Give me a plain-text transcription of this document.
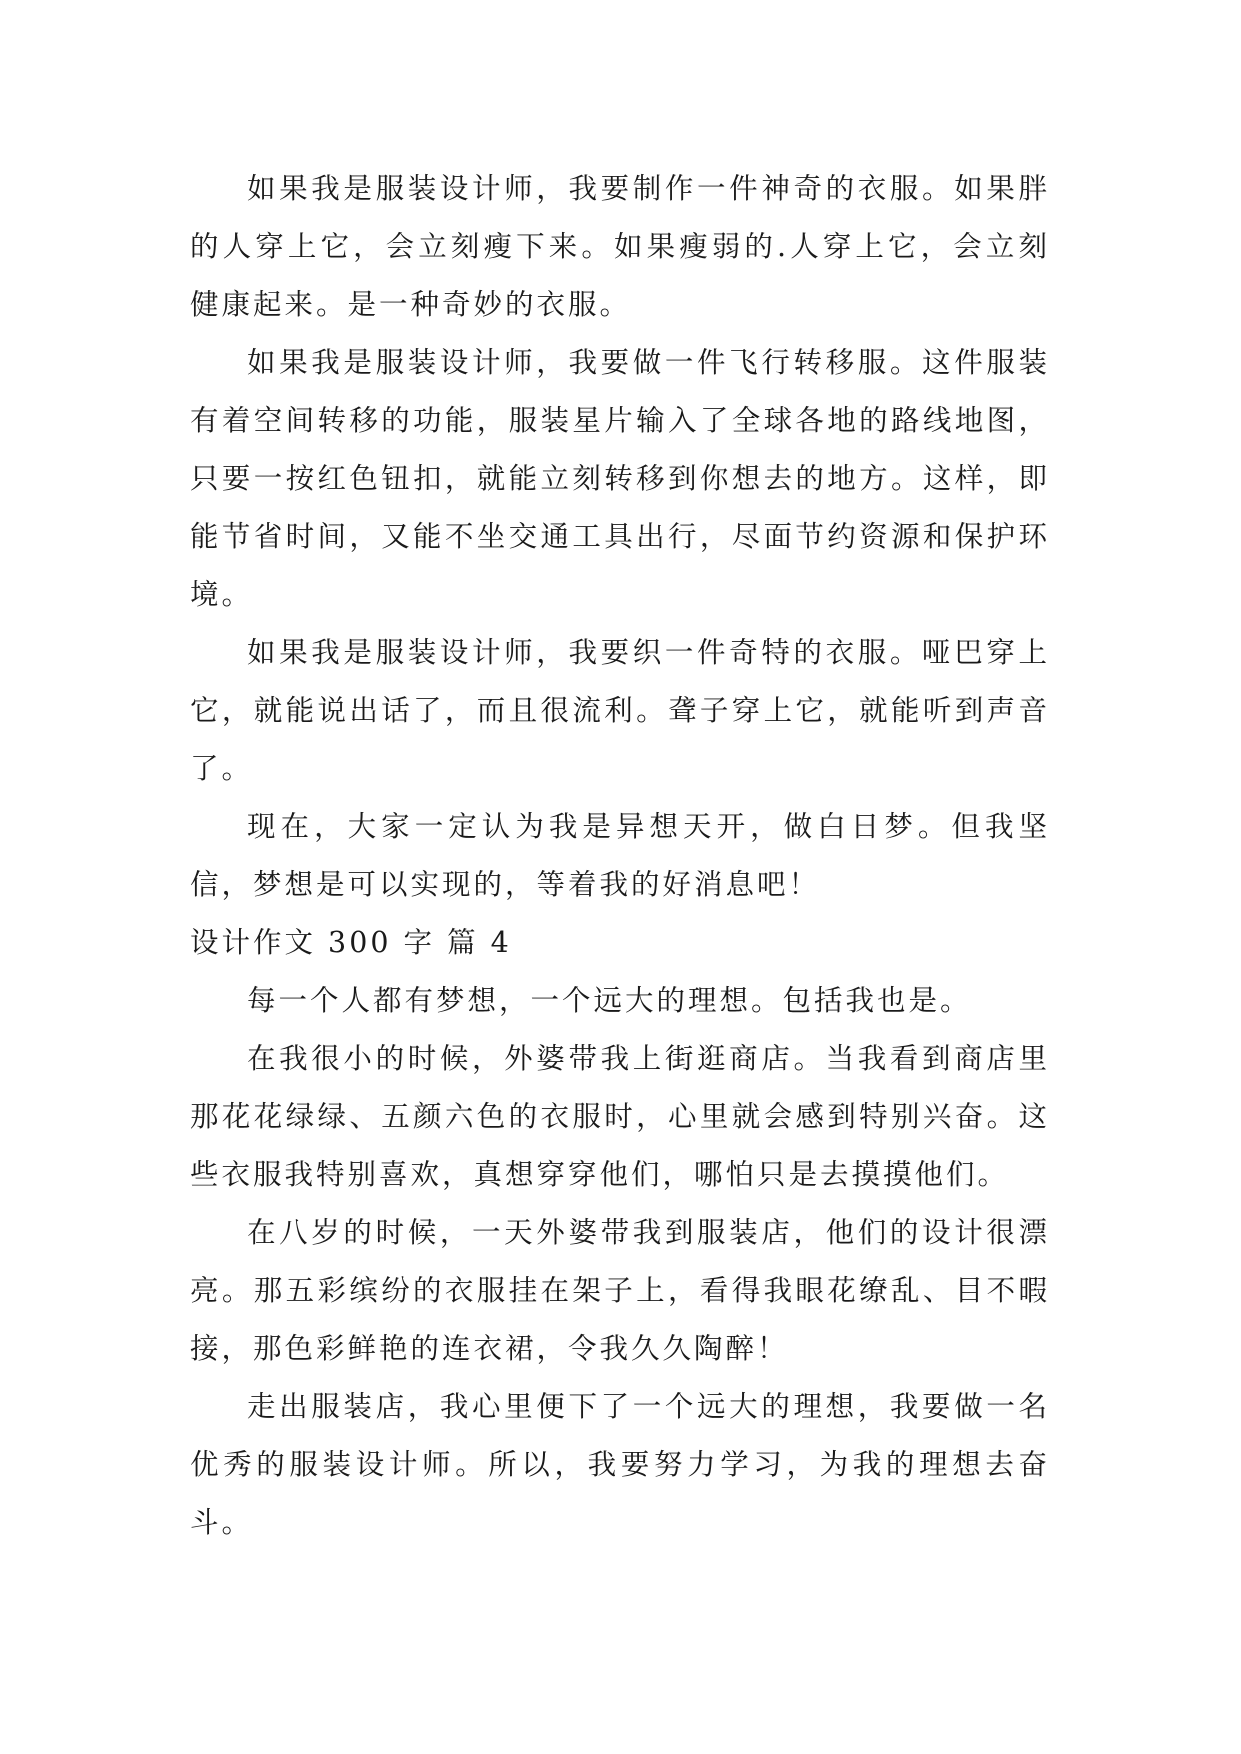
如果我是服装设计师，我要制作一件神奇的衣服。如果胖的人穿上它，会立刻瘦下来。如果瘦弱的.人穿上它，会立刻健康起来。是一种奇妙的衣服。

如果我是服装设计师，我要做一件飞行转移服。这件服装有着空间转移的功能，服装星片输入了全球各地的路线地图，只要一按红色钮扣，就能立刻转移到你想去的地方。这样，即能节省时间，又能不坐交通工具出行，尽面节约资源和保护环境。

如果我是服装设计师，我要织一件奇特的衣服。哑巴穿上它，就能说出话了，而且很流利。聋子穿上它，就能听到声音了。

现在，大家一定认为我是异想天开，做白日梦。但我坚信，梦想是可以实现的，等着我的好消息吧！

设计作文 300 字 篇 4

每一个人都有梦想，一个远大的理想。包括我也是。

在我很小的时候，外婆带我上街逛商店。当我看到商店里那花花绿绿、五颜六色的衣服时，心里就会感到特别兴奋。这些衣服我特别喜欢，真想穿穿他们，哪怕只是去摸摸他们。

在八岁的时候，一天外婆带我到服装店，他们的设计很漂亮。那五彩缤纷的衣服挂在架子上，看得我眼花缭乱、目不暇接，那色彩鲜艳的连衣裙，令我久久陶醉！

走出服装店，我心里便下了一个远大的理想，我要做一名优秀的服装设计师。所以，我要努力学习，为我的理想去奋斗。
